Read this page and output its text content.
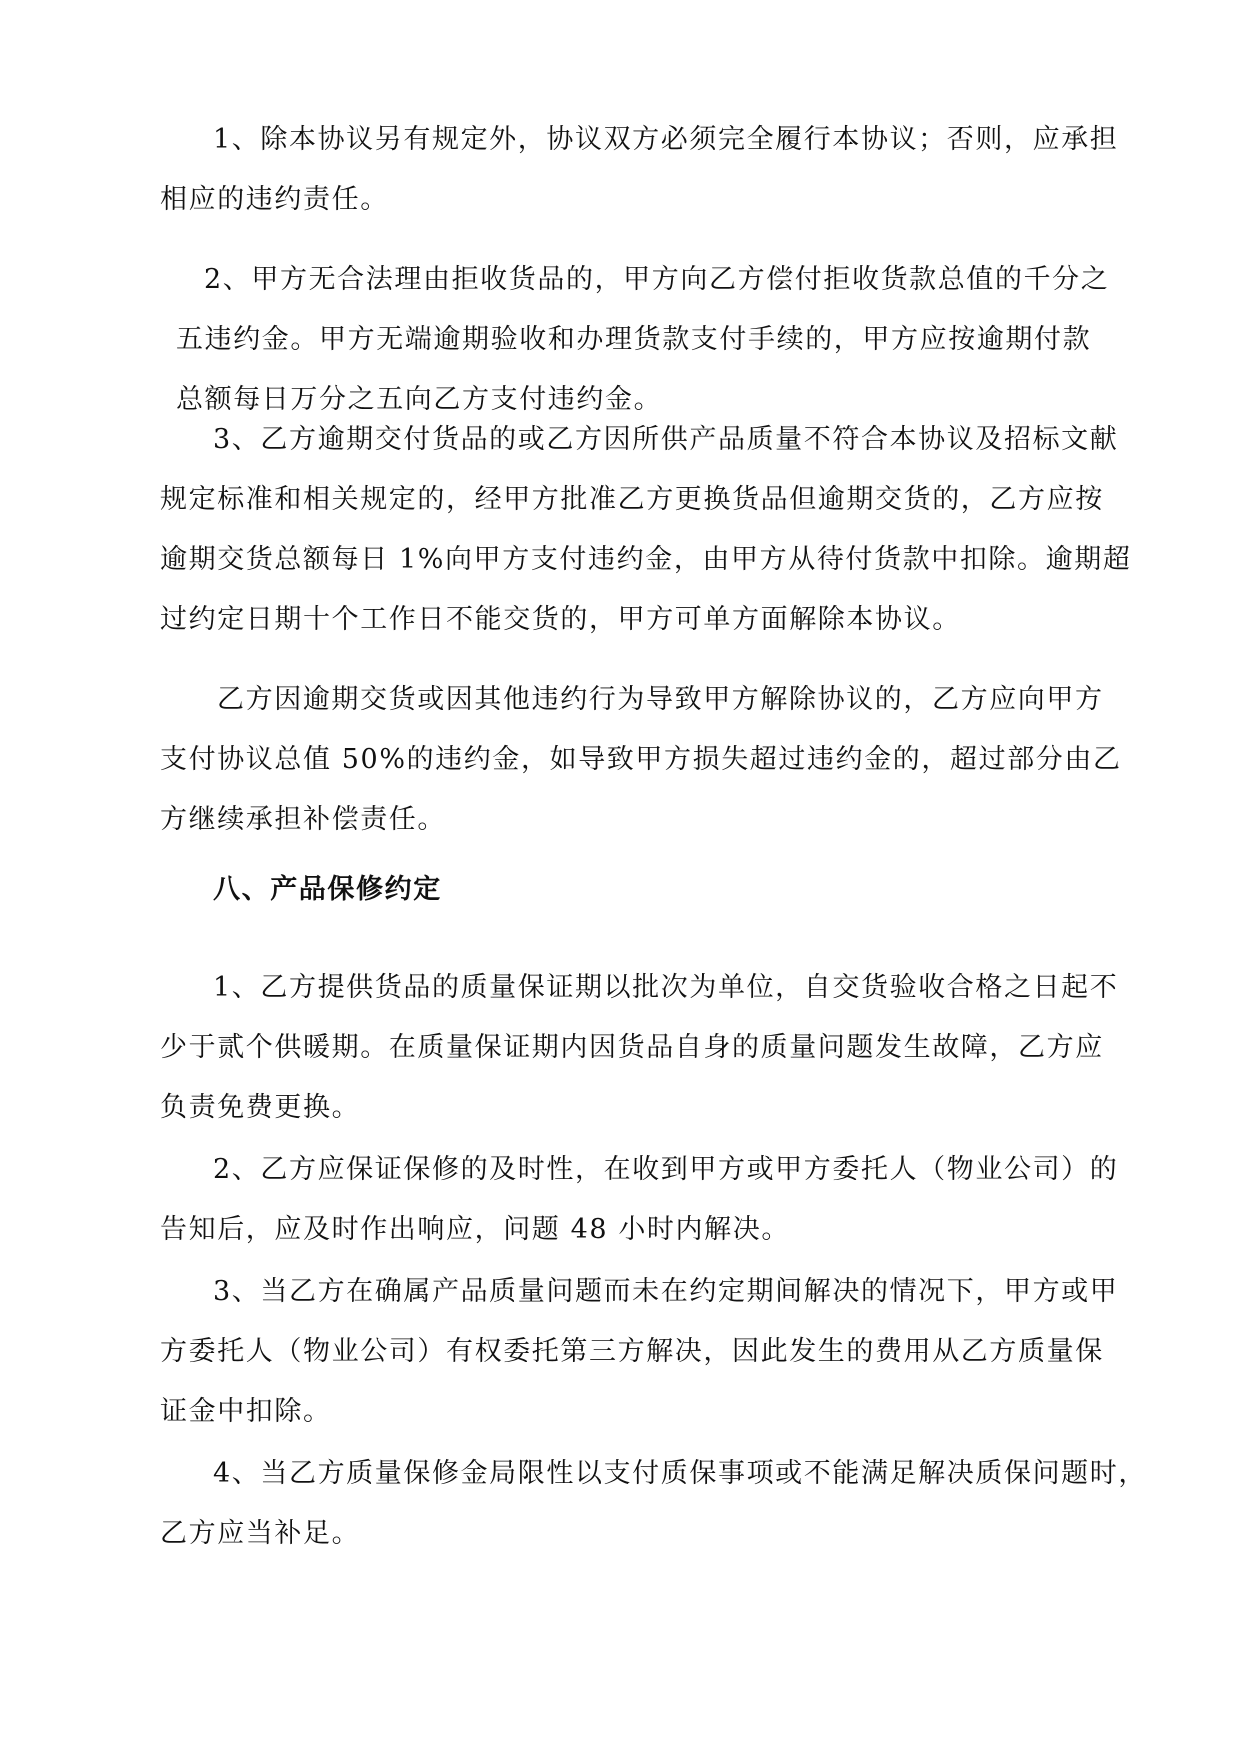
1、除本协议另有规定外，协议双方必须完全履行本协议；否则，应承担
相应的违约责任。
2、甲方无合法理由拒收货品的，甲方向乙方偿付拒收货款总值的千分之
五违约金。甲方无端逾期验收和办理货款支付手续的，甲方应按逾期付款
总额每日万分之五向乙方支付违约金。
3、乙方逾期交付货品的或乙方因所供产品质量不符合本协议及招标文献
规定标准和相关规定的，经甲方批准乙方更换货品但逾期交货的，乙方应按
逾期交货总额每日 1%向甲方支付违约金，由甲方从待付货款中扣除。逾期超
过约定日期十个工作日不能交货的，甲方可单方面解除本协议。
乙方因逾期交货或因其他违约行为导致甲方解除协议的，乙方应向甲方
支付协议总值 50%的违约金，如导致甲方损失超过违约金的，超过部分由乙
方继续承担补偿责任。
八、产品保修约定
1、乙方提供货品的质量保证期以批次为单位，自交货验收合格之日起不
少于贰个供暖期。在质量保证期内因货品自身的质量问题发生故障，乙方应
负责免费更换。
2、乙方应保证保修的及时性，在收到甲方或甲方委托人（物业公司）的
告知后，应及时作出响应，问题 48 小时内解决。
3、当乙方在确属产品质量问题而未在约定期间解决的情况下，甲方或甲
方委托人（物业公司）有权委托第三方解决，因此发生的费用从乙方质量保
证金中扣除。
4、当乙方质量保修金局限性以支付质保事项或不能满足解决质保问题时，
乙方应当补足。
